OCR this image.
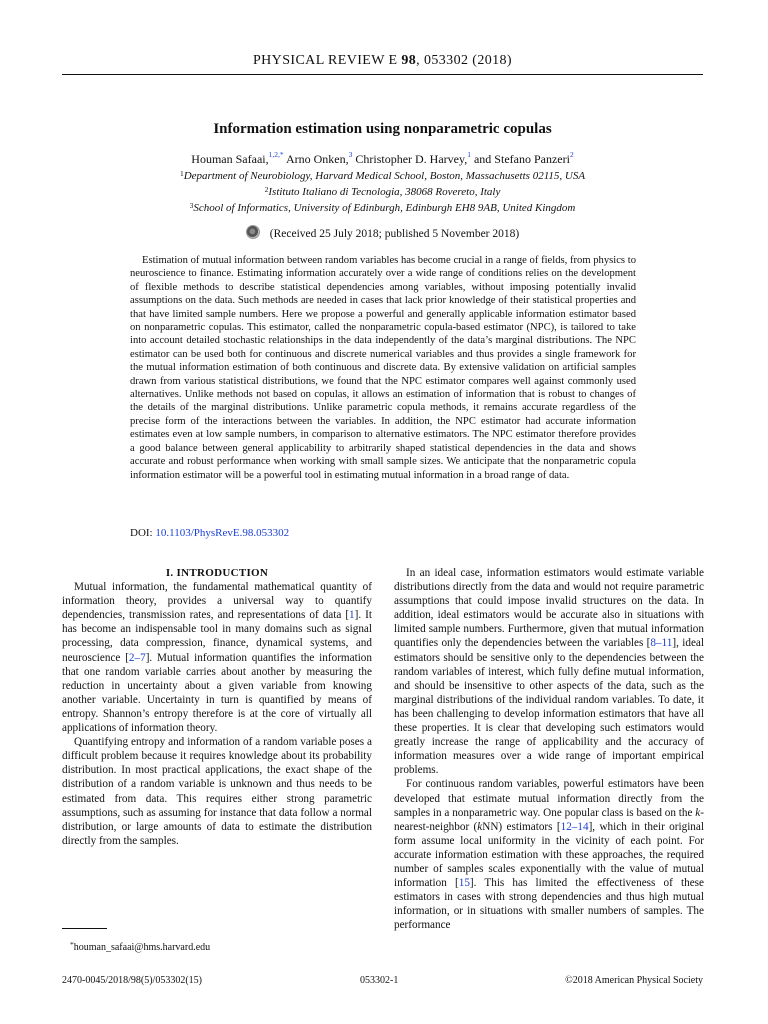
PHYSICAL REVIEW E 98, 053302 (2018)
Information estimation using nonparametric copulas
Houman Safaai,$^{1,2,*}$ Arno Onken,$^3$ Christopher D. Harvey,$^1$ and Stefano Panzeri$^2$
$^1$Department of Neurobiology, Harvard Medical School, Boston, Massachusetts 02115, USA
$^2$Istituto Italiano di Tecnologia, 38068 Rovereto, Italy
$^3$School of Informatics, University of Edinburgh, Edinburgh EH8 9AB, United Kingdom
(Received 25 July 2018; published 5 November 2018)
Estimation of mutual information between random variables has become crucial in a range of fields, from physics to neuroscience to finance. Estimating information accurately over a wide range of conditions relies on the development of flexible methods to describe statistical dependencies among variables, without imposing potentially invalid assumptions on the data. Such methods are needed in cases that lack prior knowledge of their statistical properties and that have limited sample numbers. Here we propose a powerful and generally applicable information estimator based on nonparametric copulas. This estimator, called the nonparametric copula-based estimator (NPC), is tailored to take into account detailed stochastic relationships in the data independently of the data’s marginal distributions. The NPC estimator can be used both for continuous and discrete numerical variables and thus provides a single framework for the mutual information estimation of both continuous and discrete data. By extensive validation on artificial samples drawn from various statistical distributions, we found that the NPC estimator compares well against commonly used alternatives. Unlike methods not based on copulas, it allows an estimation of information that is robust to changes of the details of the marginal distributions. Unlike parametric copula methods, it remains accurate regardless of the precise form of the interactions between the variables. In addition, the NPC estimator had accurate information estimates even at low sample numbers, in comparison to alternative estimators. The NPC estimator therefore provides a good balance between general applicability to arbitrarily shaped statistical dependencies in the data and shows accurate and robust performance when working with small sample sizes. We anticipate that the nonparametric copula information estimator will be a powerful tool in estimating mutual information in a broad range of data.
DOI: 10.1103/PhysRevE.98.053302

I. INTRODUCTION

Mutual information, the fundamental mathematical quantity of information theory, provides a universal way to quantify dependencies, transmission rates, and representations of data [1]. It has become an indispensable tool in many domains such as signal processing, data compression, finance, dynamical systems, and neuroscience [2–7]. Mutual information quantifies the information that one random variable carries about another by measuring the reduction in uncertainty about a given variable from knowing another variable. Uncertainty in turn is quantified by means of entropy. Shannon’s entropy therefore is at the core of virtually all applications of information theory.

Quantifying entropy and information of a random variable poses a difficult problem because it requires knowledge about its probability distribution. In most practical applications, the exact shape of the distribution of a random variable is unknown and thus needs to be estimated from data. This requires either strong parametric assumptions, such as assuming for instance that data follow a normal distribution, or large amounts of data to estimate the distribution directly from the samples.

In an ideal case, information estimators would estimate variable distributions directly from the data and would not require parametric assumptions that could impose invalid structures on the data. In addition, ideal estimators would be accurate also in situations with limited sample numbers. Furthermore, given that mutual information quantifies only the dependencies between the variables [8–11], ideal estimators should be sensitive only to the dependencies between the random variables of interest, which fully define mutual information, and should be insensitive to other aspects of the data, such as the marginal distributions of the individual random variables. To date, it has been challenging to develop information estimators that have all these properties. It is clear that developing such estimators would greatly increase the range of applicability and the accuracy of information measures over a wide range of important empirical problems.

For continuous random variables, powerful estimators have been developed that estimate mutual information directly from the samples in a nonparametric way. One popular class is based on the k-nearest-neighbor (kNN) estimators [12–14], which in their original form assume local uniformity in the vicinity of each point. For accurate information estimation with these approaches, the required number of samples scales exponentially with the value of mutual information [15]. This has limited the effectiveness of these estimators in cases with strong dependencies and thus high mutual information, or in situations with smaller numbers of samples. The performance

*houman_safaai@hms.harvard.edu
2470-0045/2018/98(5)/053302(15)	053302-1	©2018 American Physical Society
